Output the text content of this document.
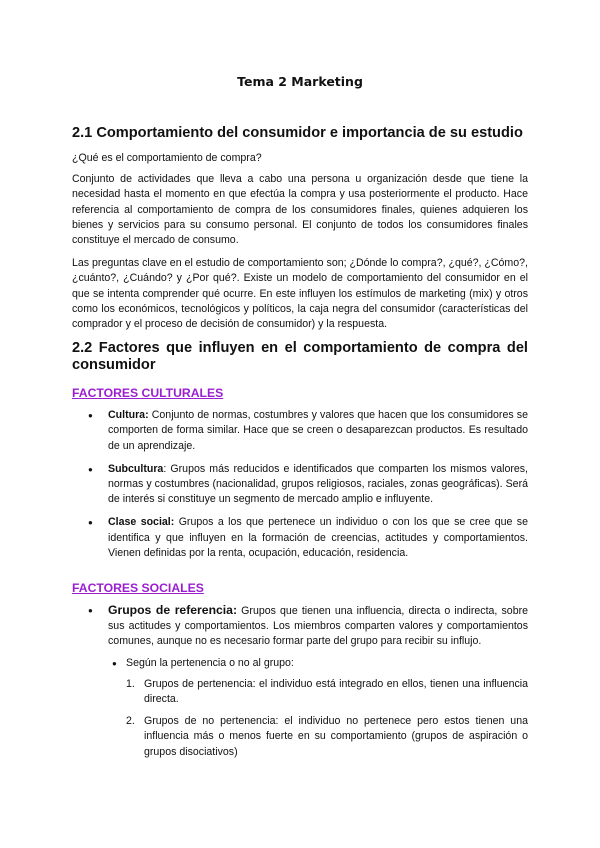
Tema 2 Marketing
2.1 Comportamiento del consumidor e importancia de su estudio

¿Qué es el comportamiento de compra?

Conjunto de actividades que lleva a cabo una persona u organización desde que tiene la necesidad hasta el momento en que efectúa la compra y usa posteriormente el producto. Hace referencia al comportamiento de compra de los consumidores finales, quienes adquieren los bienes y servicios para su consumo personal. El conjunto de todos los consumidores finales constituye el mercado de consumo.

Las preguntas clave en el estudio de comportamiento son; ¿Dónde lo compra?, ¿qué?, ¿Cómo?, ¿cuánto?, ¿Cuándo? y ¿Por qué?. Existe un modelo de comportamiento del consumidor en el que se intenta comprender qué ocurre. En este influyen los estímulos de marketing (mix) y otros como los económicos, tecnológicos y políticos, la caja negra del consumidor (características del comprador y el proceso de decisión de consumidor) y la respuesta.

2.2 Factores que influyen en el comportamiento de compra del consumidor
FACTORES CULTURALES
● Cultura: Conjunto de normas, costumbres y valores que hacen que los consumidores se comporten de forma similar. Hace que se creen o desaparezcan productos. Es resultado de un aprendizaje.
● Subcultura: Grupos más reducidos e identificados que comparten los mismos valores, normas y costumbres (nacionalidad, grupos religiosos, raciales, zonas geográficas). Será de interés si constituye un segmento de mercado amplio e influyente.
● Clase social: Grupos a los que pertenece un individuo o con los que se cree que se identifica y que influyen en la formación de creencias, actitudes y comportamientos. Vienen definidas por la renta, ocupación, educación, residencia.
FACTORES SOCIALES
● Grupos de referencia: Grupos que tienen una influencia, directa o indirecta, sobre sus actitudes y comportamientos. Los miembros comparten valores y comportamientos comunes, aunque no es necesario formar parte del grupo para recibir su influjo.
● Según la pertenencia o no al grupo:
1. Grupos de pertenencia: el individuo está integrado en ellos, tienen una influencia directa.
2. Grupos de no pertenencia: el individuo no pertenece pero estos tienen una influencia más o menos fuerte en su comportamiento (grupos de aspiración o grupos disociativos)
